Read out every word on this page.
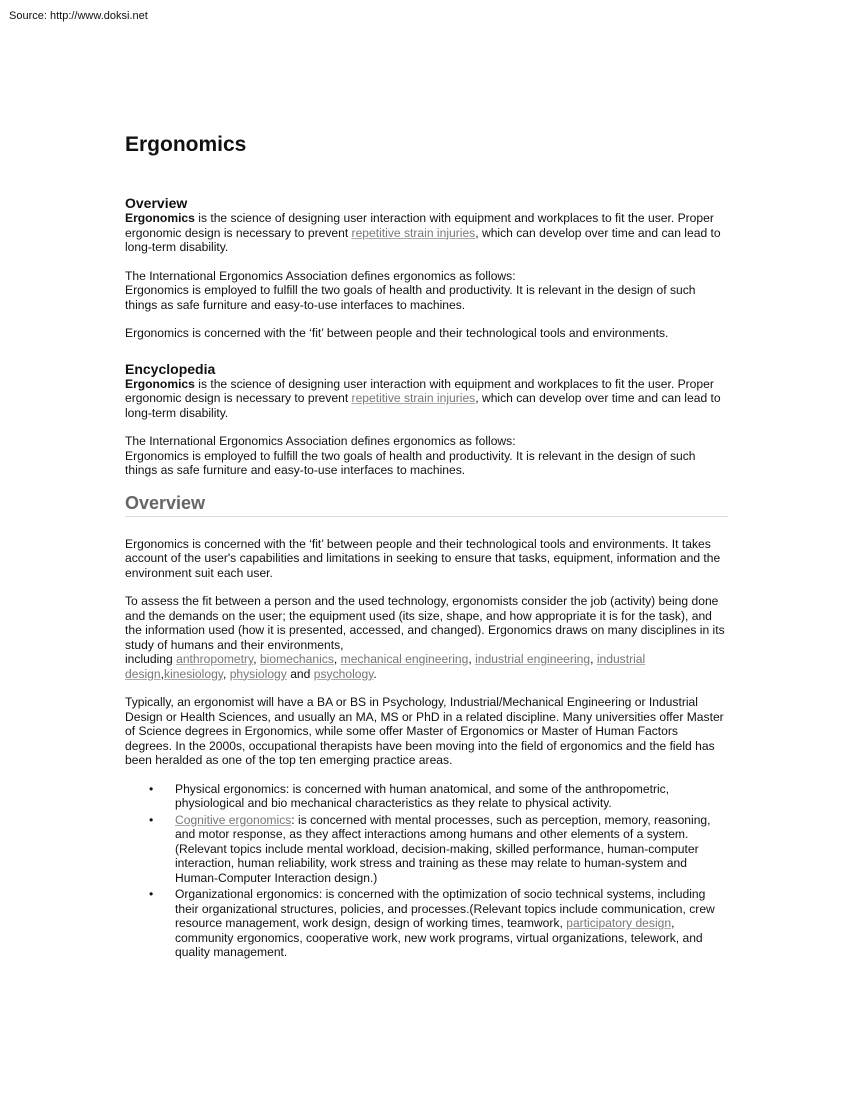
Source: http://www.doksi.net
Ergonomics
Overview

Ergonomics is the science of designing user interaction with equipment and workplaces to fit the user. Proper ergonomic design is necessary to prevent repetitive strain injuries, which can develop over time and can lead to long-term disability.

The International Ergonomics Association defines ergonomics as follows:
Ergonomics is employed to fulfill the two goals of health and productivity. It is relevant in the design of such things as safe furniture and easy-to-use interfaces to machines.

Ergonomics is concerned with the ‘fit’ between people and their technological tools and environments.

Encyclopedia

Ergonomics is the science of designing user interaction with equipment and workplaces to fit the user. Proper ergonomic design is necessary to prevent repetitive strain injuries, which can develop over time and can lead to long-term disability.

The International Ergonomics Association defines ergonomics as follows:
Ergonomics is employed to fulfill the two goals of health and productivity. It is relevant in the design of such things as safe furniture and easy-to-use interfaces to machines.

Overview

Ergonomics is concerned with the ‘fit’ between people and their technological tools and environments. It takes account of the user's capabilities and limitations in seeking to ensure that tasks, equipment, information and the environment suit each user.

To assess the fit between a person and the used technology, ergonomists consider the job (activity) being done and the demands on the user; the equipment used (its size, shape, and how appropriate it is for the task), and the information used (how it is presented, accessed, and changed). Ergonomics draws on many disciplines in its study of humans and their environments,
including anthropometry, biomechanics, mechanical engineering, industrial engineering, industrial design,kinesiology, physiology and psychology.

Typically, an ergonomist will have a BA or BS in Psychology, Industrial/Mechanical Engineering or Industrial Design or Health Sciences, and usually an MA, MS or PhD in a related discipline. Many universities offer Master of Science degrees in Ergonomics, while some offer Master of Ergonomics or Master of Human Factors degrees. In the 2000s, occupational therapists have been moving into the field of ergonomics and the field has been heralded as one of the top ten emerging practice areas.

• Physical ergonomics: is concerned with human anatomical, and some of the anthropometric, physiological and bio mechanical characteristics as they relate to physical activity.
• Cognitive ergonomics: is concerned with mental processes, such as perception, memory, reasoning, and motor response, as they affect interactions among humans and other elements of a system. (Relevant topics include mental workload, decision-making, skilled performance, human-computer interaction, human reliability, work stress and training as these may relate to human-system and Human-Computer Interaction design.)
• Organizational ergonomics: is concerned with the optimization of socio technical systems, including their organizational structures, policies, and processes.(Relevant topics include communication, crew resource management, work design, design of working times, teamwork, participatory design, community ergonomics, cooperative work, new work programs, virtual organizations, telework, and quality management.
